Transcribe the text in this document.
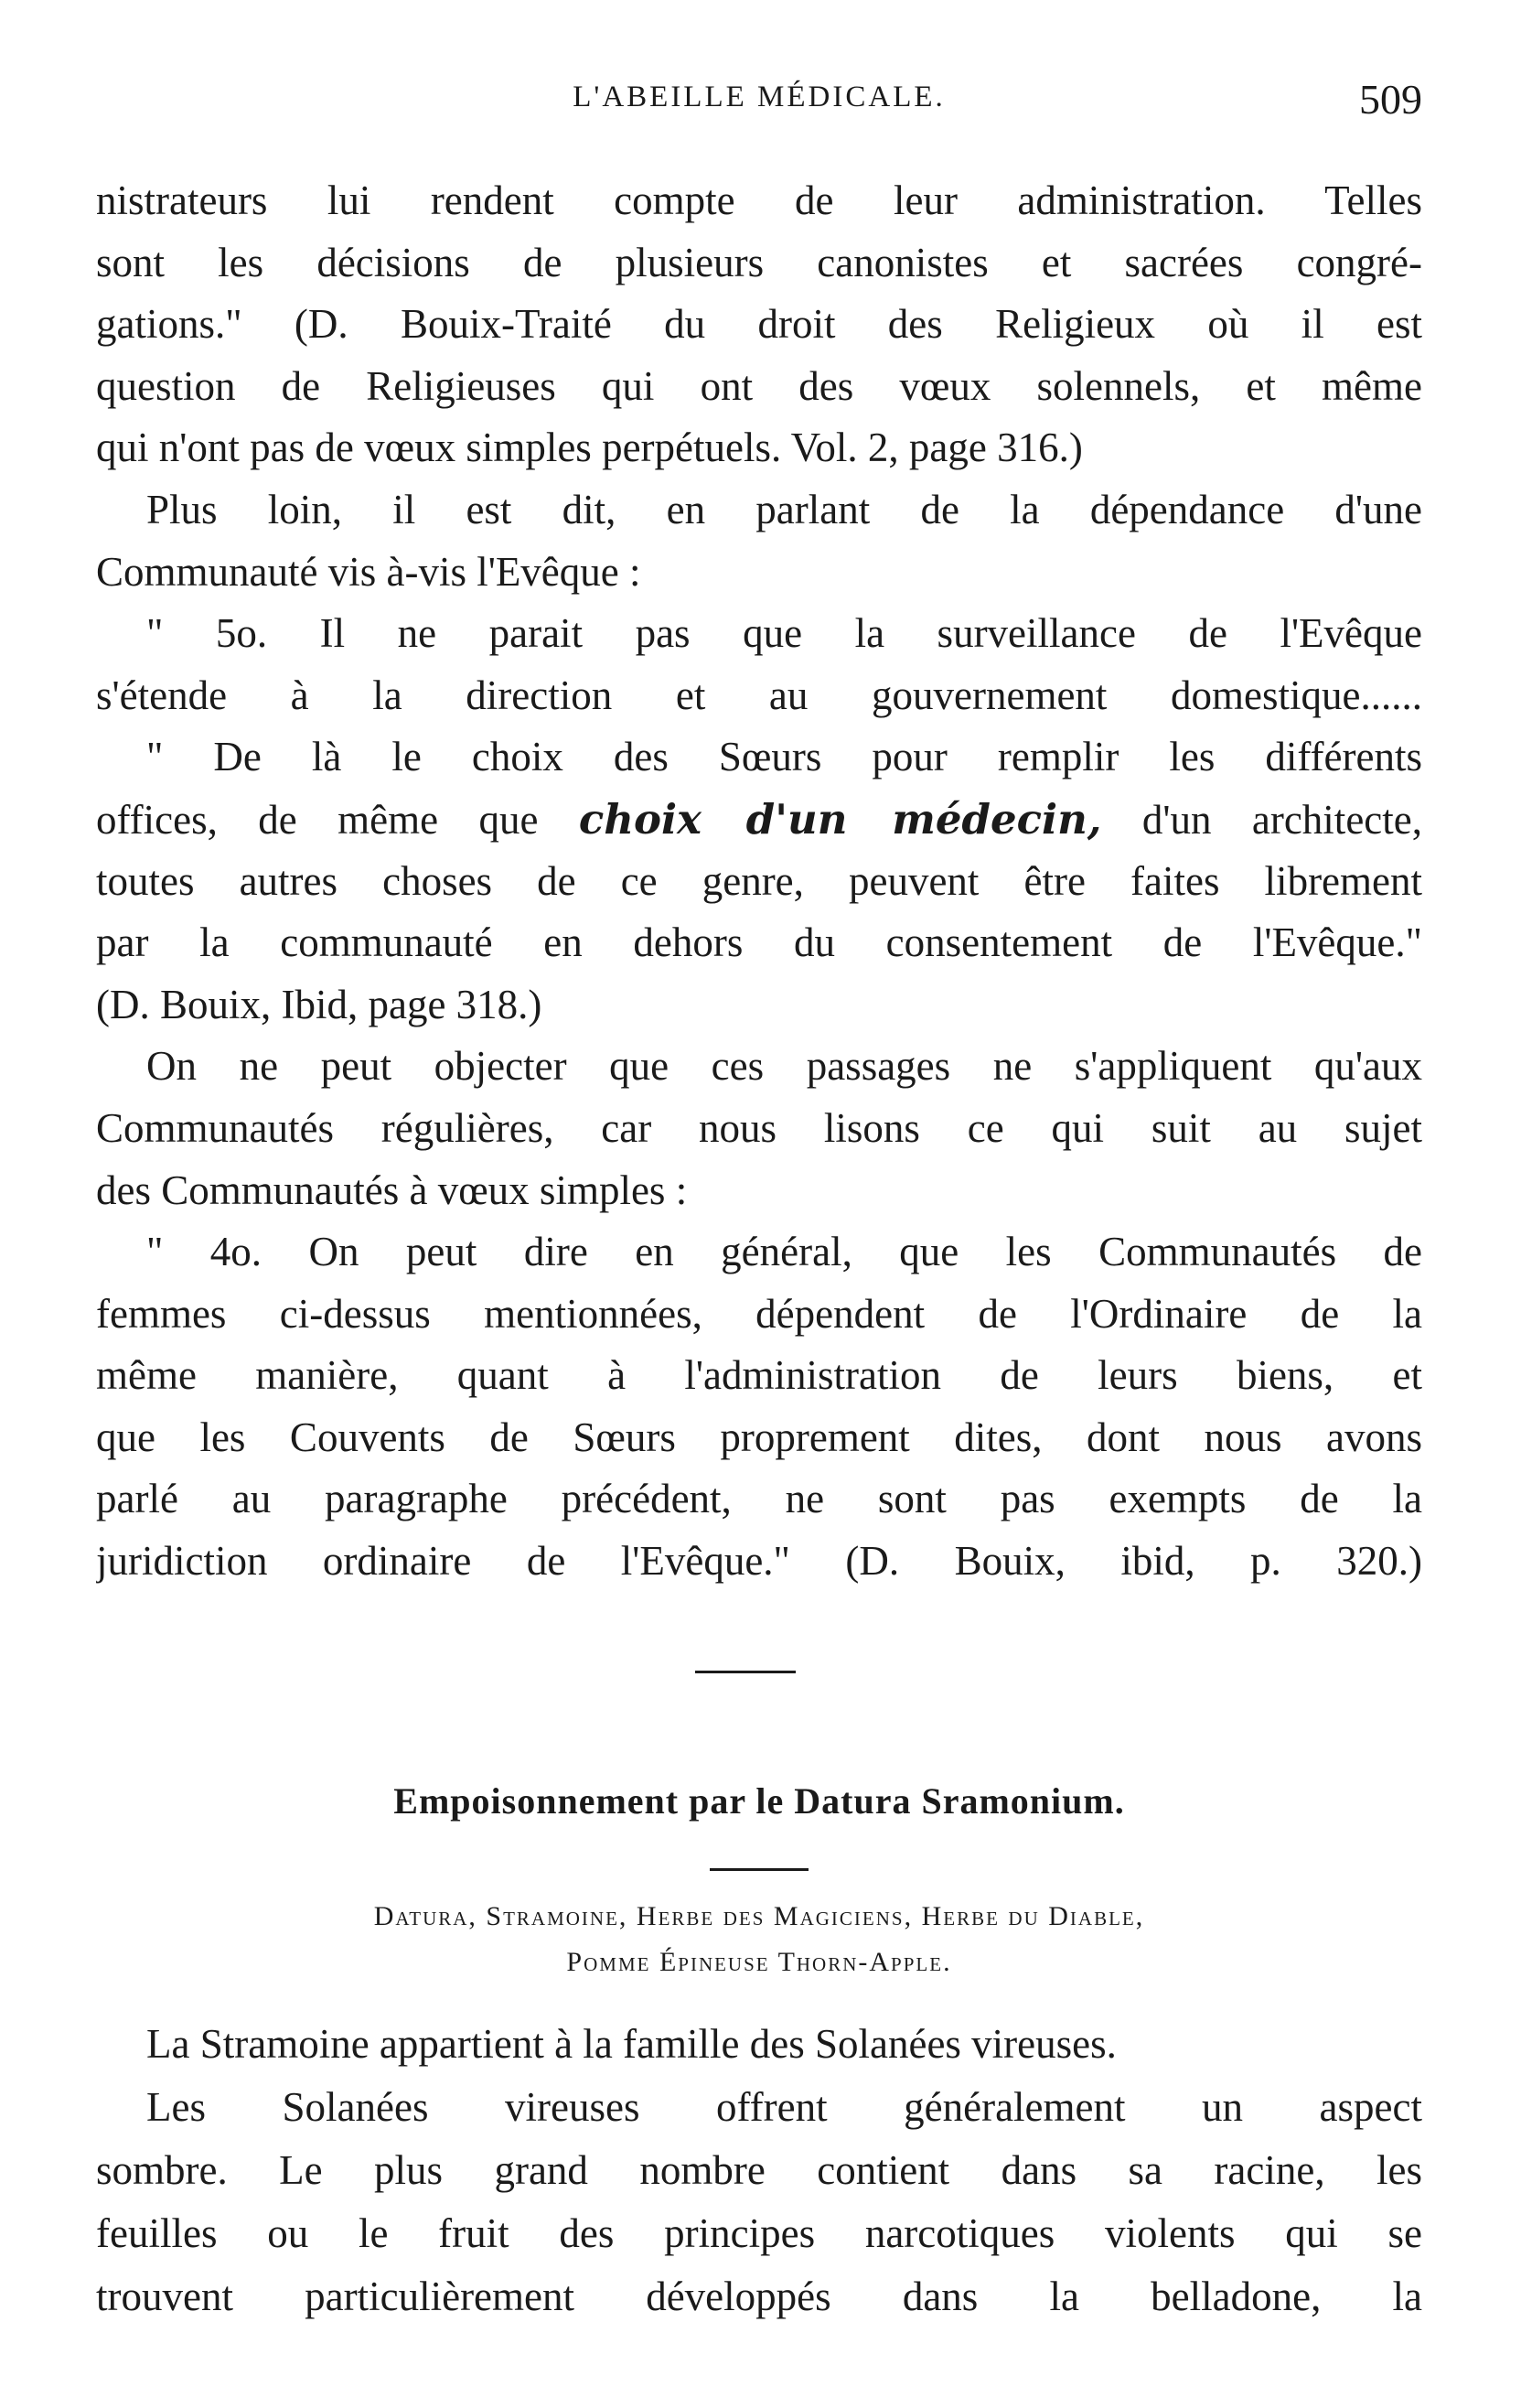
L'ABEILLE MÉDICALE.	509
nistrateurs lui rendent compte de leur administration. Telles
sont les décisions de plusieurs canonistes et sacrées congré-
gations." (D. Bouix-Traité du droit des Religieux où il est
question de Religieuses qui ont des vœux solennels, et même
qui n'ont pas de vœux simples perpétuels. Vol. 2, page 316.)
Plus loin, il est dit, en parlant de la dépendance d'une
Communauté vis à-vis l'Evêque :
" 5o. Il ne parait pas que la surveillance de l'Evêque
s'étende à la direction et au gouvernement domestique......
" De là le choix des Sœurs pour remplir les différents
offices, de même que choix d'un médecin, d'un architecte,
toutes autres choses de ce genre, peuvent être faites librement
par la communauté en dehors du consentement de l'Evêque."
(D. Bouix, Ibid, page 318.)
On ne peut objecter que ces passages ne s'appliquent qu'aux
Communautés régulières, car nous lisons ce qui suit au sujet
des Communautés à vœux simples :
" 4o. On peut dire en général, que les Communautés de
femmes ci-dessus mentionnées, dépendent de l'Ordinaire de la
même manière, quant à l'administration de leurs biens, et
que les Couvents de Sœurs proprement dites, dont nous avons
parlé au paragraphe précédent, ne sont pas exempts de la
juridiction ordinaire de l'Evêque." (D. Bouix, ibid, p. 320.)
Empoisonnement par le Datura Sramonium.
Datura, Stramoine, Herbe des Magiciens, Herbe du Diable,
Pomme Épineuse Thorn-Apple.
La Stramoine appartient à la famille des Solanées vireuses.
Les Solanées vireuses offrent généralement un aspect
sombre. Le plus grand nombre contient dans sa racine, les
feuilles ou le fruit des principes narcotiques violents qui se
trouvent particulièrement développés dans la belladone, la
